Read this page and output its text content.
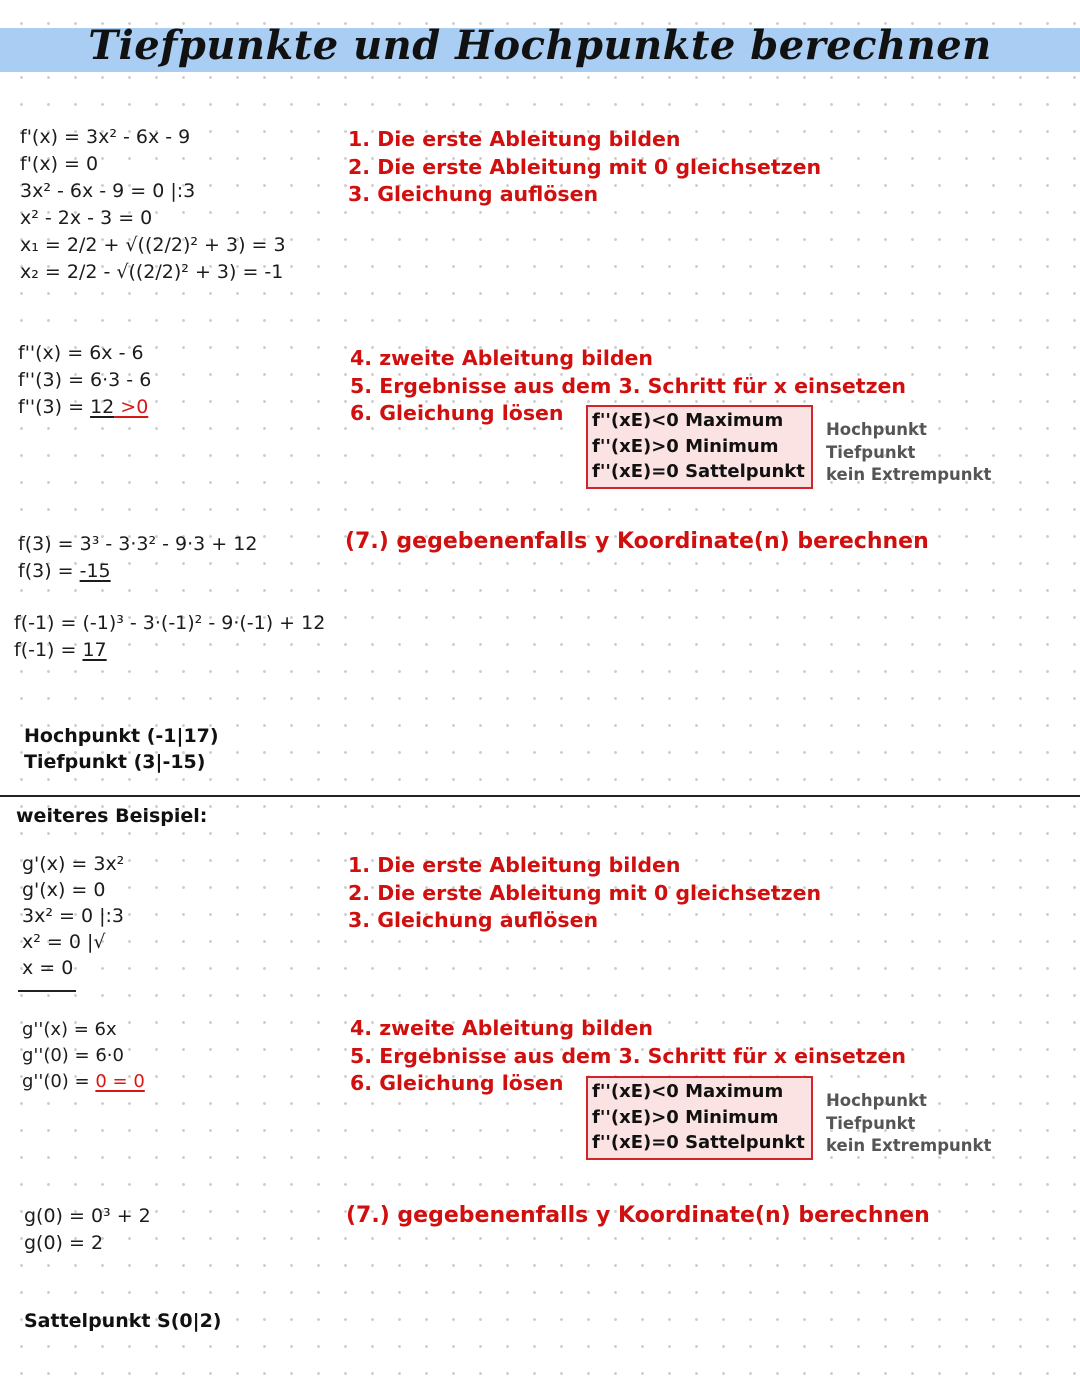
Tiefpunkte und Hochpunkte berechnen
f'(x) = 3x² - 6x - 9
f'(x) = 0
3x² - 6x - 9 = 0 |:3
x² - 2x - 3 = 0
x₁ = 2/2 + √((2/2)² + 3) = 3
x₂ = 2/2 - √((2/2)² + 3) = -1
1. Die erste Ableitung bilden
2. Die erste Ableitung mit 0 gleichsetzen
3. Gleichung auflösen
f''(x) = 6x - 6
f''(3) = 6·3 - 6
f''(3) = 12 >0
4. zweite Ableitung bilden
5. Ergebnisse aus dem 3. Schritt für x einsetzen
6. Gleichung lösen	f''(xE)<0 Maximum
f''(xE)>0 Minimum
f''(xE)=0 Sattelpunkt
Hochpunkt
Tiefpunkt
kein Extrempunkt
f(3) = 3³ - 3·3² - 9·3 + 12
f(3) = -15
f(-1) = (-1)³ - 3·(-1)² - 9·(-1) + 12
f(-1) = 17
(7.) gegebenenfalls y Koordinate(n) berechnen
Hochpunkt (-1|17)
Tiefpunkt (3|-15)
weiteres Beispiel:
g'(x) = 3x²
g'(x) = 0
3x² = 0 |:3
x² = 0 |√
x = 0
1. Die erste Ableitung bilden
2. Die erste Ableitung mit 0 gleichsetzen
3. Gleichung auflösen
g''(x) = 6x
g''(0) = 6·0
g''(0) = 0 = 0
4. zweite Ableitung bilden
5. Ergebnisse aus dem 3. Schritt für x einsetzen
6. Gleichung lösen	f''(xE)<0 Maximum
f''(xE)>0 Minimum
f''(xE)=0 Sattelpunkt
Hochpunkt
Tiefpunkt
kein Extrempunkt
g(0) = 0³ + 2
g(0) = 2
(7.) gegebenenfalls y Koordinate(n) berechnen
Sattelpunkt S(0|2)
